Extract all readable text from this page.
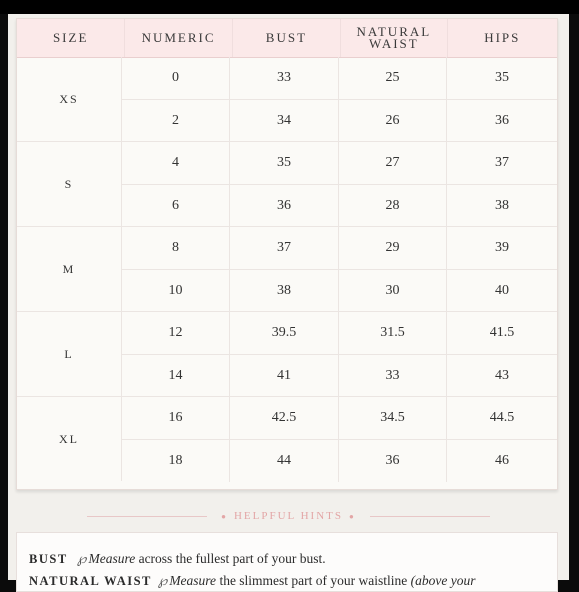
SIZE	NUMERIC	BUST	NATURAL WAIST	HIPS
XS
0	33	25	35
2	34	26	36
S
4	35	27	37
6	36	28	38
M
8	37	29	39
10	38	30	40
L
12	39.5	31.5	41.5
14	41	33	43
XL
16	42.5	34.5	44.5
18	44	36	46
● HELPFUL HINTS ●
BUST ℘ Measure across the fullest part of your bust.
NATURAL WAIST ℘ Measure the slimmest part of your waistline (above your
